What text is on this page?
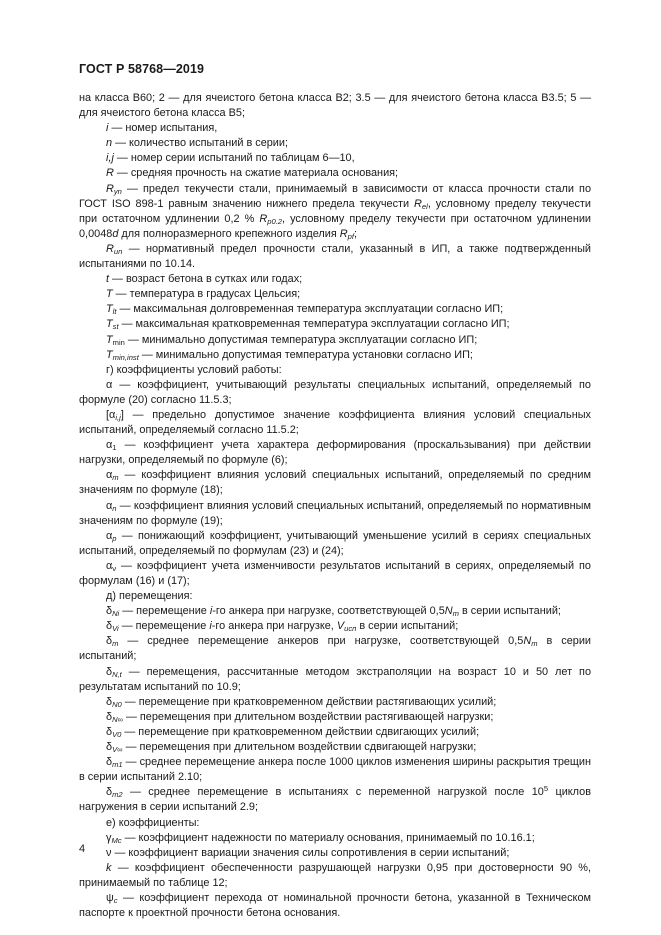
ГОСТ Р 58768—2019

на класса B60; 2 — для ячеистого бетона класса B2; 3.5 — для ячеистого бетона класса B3.5; 5 — для ячеистого бетона класса B5;

i — номер испытания,

n — количество испытаний в серии;

i,j — номер серии испытаний по таблицам 6—10,

R — средняя прочность на сжатие материала основания;

$R_{yn}$ — предел текучести стали, принимаемый в зависимости от класса прочности стали по ГОСТ ISO 898-1 равным значению нижнего предела текучести $R_{el}$, условному пределу текучести при остаточном удлинении 0,2 % $R_{p0.2}$, условному пределу текучести при остаточном удлинении 0,0048d для полноразмерного крепежного изделия $R_{pf}$;

$R_{un}$ — нормативный предел прочности стали, указанный в ИП, а также подтвержденный испытаниями по 10.14.

t — возраст бетона в сутках или годах;

T — температура в градусах Цельсия;

$T_{lt}$ — максимальная долговременная температура эксплуатации согласно ИП;

$T_{st}$ — максимальная кратковременная температура эксплуатации согласно ИП;

$T_{min}$ — минимально допустимая температура эксплуатации согласно ИП;

$T_{min,inst}$ — минимально допустимая температура установки согласно ИП;

г) коэффициенты условий работы:

α — коэффициент, учитывающий результаты специальных испытаний, определяемый по формуле (20) согласно 11.5.3;

$[\alpha_{i,j}]$ — предельно допустимое значение коэффициента влияния условий специальных испытаний, определяемый согласно 11.5.2;

$\alpha_1$ — коэффициент учета характера деформирования (проскальзывания) при действии нагрузки, определяемый по формуле (6);

$\alpha_m$ — коэффициент влияния условий специальных испытаний, определяемый по средним значениям по формуле (18);

$\alpha_n$ — коэффициент влияния условий специальных испытаний, определяемый по нормативным значениям по формуле (19);

$\alpha_p$ — понижающий коэффициент, учитывающий уменьшение усилий в сериях специальных испытаний, определяемый по формулам (23) и (24);

$\alpha_\nu$ — коэффициент учета изменчивости результатов испытаний в сериях, определяемый по формулам (16) и (17);

д) перемещения:

$\delta_{Ni}$ — перемещение i-го анкера при нагрузке, соответствующей $0,5N_m$ в серии испытаний;

$\delta_{Vi}$ — перемещение i-го анкера при нагрузке, $V_{исп}$ в серии испытаний;

$\delta_m$ — среднее перемещение анкеров при нагрузке, соответствующей $0,5N_m$ в серии испытаний;

$\delta_{N,t}$ — перемещения, рассчитанные методом экстраполяции на возраст 10 и 50 лет по результатам испытаний по 10.9;

$\delta_{N0}$ — перемещение при кратковременном действии растягивающих усилий;

$\delta_{N\infty}$ — перемещения при длительном воздействии растягивающей нагрузки;

$\delta_{V0}$ — перемещение при кратковременном действии сдвигающих усилий;

$\delta_{V\infty}$ — перемещения при длительном воздействии сдвигающей нагрузки;

$\delta_{m1}$ — среднее перемещение анкера после 1000 циклов изменения ширины раскрытия трещин в серии испытаний 2.10;

$\delta_{m2}$ — среднее перемещение в испытаниях с переменной нагрузкой после $10^5$ циклов нагружения в серии испытаний 2.9;

е) коэффициенты:

$\gamma_{Mc}$ — коэффициент надежности по материалу основания, принимаемый по 10.16.1;

ν — коэффициент вариации значения силы сопротивления в серии испытаний;

k — коэффициент обеспеченности разрушающей нагрузки 0,95 при достоверности 90 %, принимаемый по таблице 12;

$\psi_c$ — коэффициент перехода от номинальной прочности бетона, указанной в Техническом паспорте к проектной прочности бетона основания.

4
